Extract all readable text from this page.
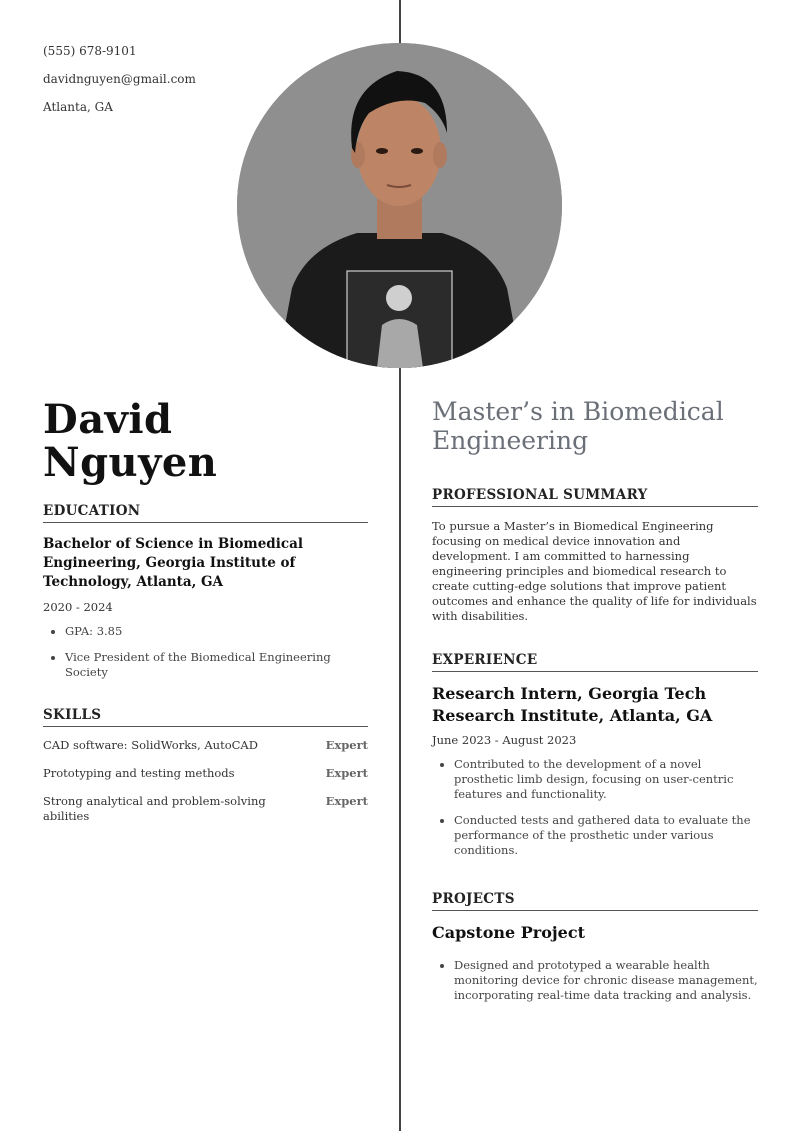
(555) 678-9101
davidnguyen@gmail.com
Atlanta, GA
David
Nguyen
EDUCATION
Bachelor of Science in Biomedical Engineering, Georgia Institute of Technology, Atlanta, GA
2020 - 2024
• GPA: 3.85
• Vice President of the Biomedical Engineering Society
SKILLS
CAD software: SolidWorks, AutoCAD	Expert
Prototyping and testing methods	Expert
Strong analytical and problem-solving abilities
Expert
Master’s in Biomedical Engineering
PROFESSIONAL SUMMARY

To pursue a Master’s in Biomedical Engineering focusing on medical device innovation and development. I am committed to harnessing engineering principles and biomedical research to create cutting-edge solutions that improve patient outcomes and enhance the quality of life for individuals with disabilities.

EXPERIENCE
Research Intern, Georgia Tech Research Institute, Atlanta, GA
June 2023 - August 2023
• Contributed to the development of a novel prosthetic limb design, focusing on user-centric features and functionality.
• Conducted tests and gathered data to evaluate the performance of the prosthetic under various conditions.
PROJECTS
Capstone Project
• Designed and prototyped a wearable health monitoring device for chronic disease management, incorporating real-time data tracking and analysis.
